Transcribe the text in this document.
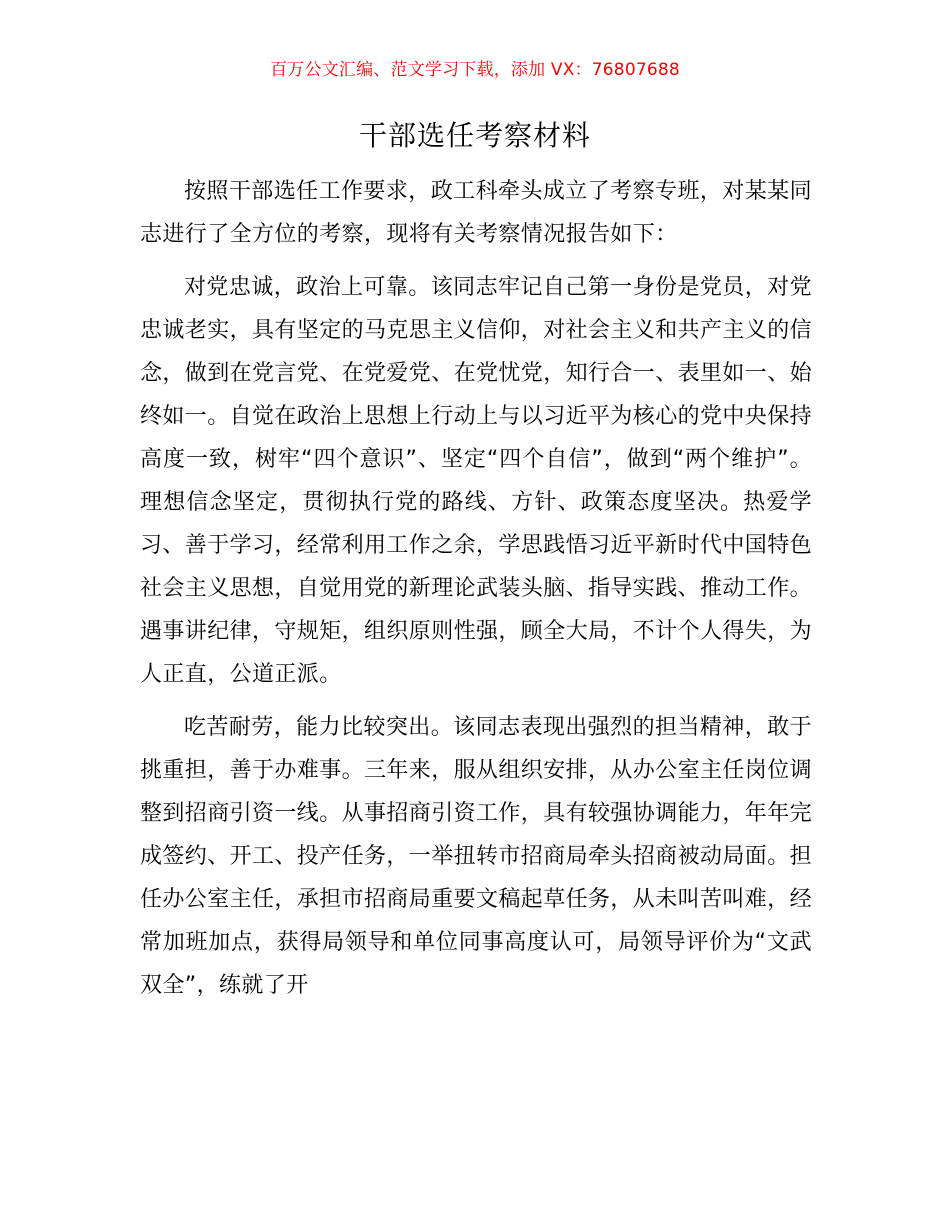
百万公文汇编、范文学习下载，添加 VX：76807688
干部选任考察材料

按照干部选任工作要求，政工科牵头成立了考察专班，对某某同志进行了全方位的考察，现将有关考察情况报告如下：

对党忠诚，政治上可靠。该同志牢记自己第一身份是党员，对党忠诚老实，具有坚定的马克思主义信仰，对社会主义和共产主义的信念，做到在党言党、在党爱党、在党忧党，知行合一、表里如一、始终如一。自觉在政治上思想上行动上与以习近平为核心的党中央保持高度一致，树牢“四个意识”、坚定“四个自信”，做到“两个维护”。理想信念坚定，贯彻执行党的路线、方针、政策态度坚决。热爱学习、善于学习，经常利用工作之余，学思践悟习近平新时代中国特色社会主义思想，自觉用党的新理论武装头脑、指导实践、推动工作。遇事讲纪律，守规矩，组织原则性强，顾全大局，不计个人得失，为人正直，公道正派。

吃苦耐劳，能力比较突出。该同志表现出强烈的担当精神，敢于挑重担，善于办难事。三年来，服从组织安排，从办公室主任岗位调整到招商引资一线。从事招商引资工作，具有较强协调能力，年年完成签约、开工、投产任务，一举扭转市招商局牵头招商被动局面。担任办公室主任，承担市招商局重要文稿起草任务，从未叫苦叫难，经常加班加点，获得局领导和单位同事高度认可，局领导评价为“文武双全”，练就了开
